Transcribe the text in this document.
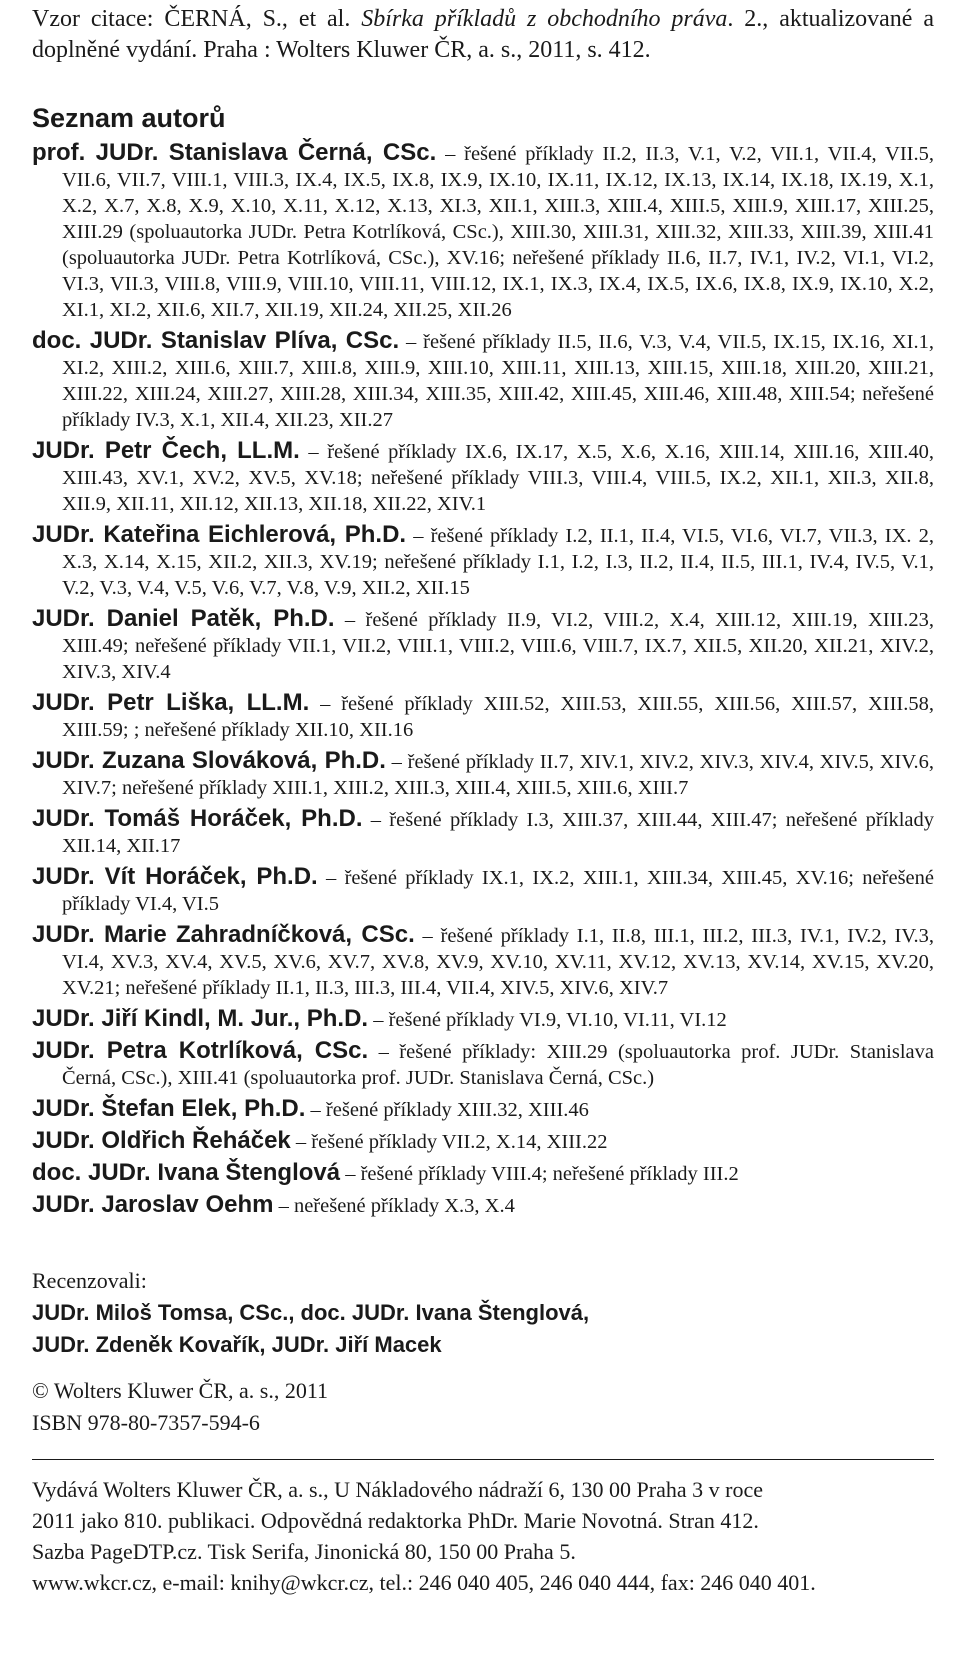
Vzor citace: ČERNÁ, S., et al. Sbírka příkladů z obchodního práva. 2., aktualizované a doplněné vydání. Praha : Wolters Kluwer ČR, a. s., 2011, s. 412.

Seznam autorů

prof. JUDr. Stanislava Černá, CSc. – řešené příklady II.2, II.3, V.1, V.2, VII.1, VII.4, VII.5, VII.6, VII.7, VIII.1, VIII.3, IX.4, IX.5, IX.8, IX.9, IX.10, IX.11, IX.12, IX.13, IX.14, IX.18, IX.19, X.1, X.2, X.7, X.8, X.9, X.10, X.11, X.12, X.13, XI.3, XII.1, XIII.3, XIII.4, XIII.5, XIII.9, XIII.17, XIII.25, XIII.29 (spoluautorka JUDr. Petra Kotrlíková, CSc.), XIII.30, XIII.31, XIII.32, XIII.33, XIII.39, XIII.41 (spoluautorka JUDr. Petra Kotrlíková, CSc.), XV.16; neřešené příklady II.6, II.7, IV.1, IV.2, VI.1, VI.2, VI.3, VII.3, VIII.8, VIII.9, VIII.10, VIII.11, VIII.12, IX.1, IX.3, IX.4, IX.5, IX.6, IX.8, IX.9, IX.10, X.2, XI.1, XI.2, XII.6, XII.7, XII.19, XII.24, XII.25, XII.26

doc. JUDr. Stanislav Plíva, CSc. – řešené příklady II.5, II.6, V.3, V.4, VII.5, IX.15, IX.16, XI.1, XI.2, XIII.2, XIII.6, XIII.7, XIII.8, XIII.9, XIII.10, XIII.11, XIII.13, XIII.15, XIII.18, XIII.20, XIII.21, XIII.22, XIII.24, XIII.27, XIII.28, XIII.34, XIII.35, XIII.42, XIII.45, XIII.46, XIII.48, XIII.54; neřešené příklady IV.3, X.1, XII.4, XII.23, XII.27

JUDr. Petr Čech, LL.M. – řešené příklady IX.6, IX.17, X.5, X.6, X.16, XIII.14, XIII.16, XIII.40, XIII.43, XV.1, XV.2, XV.5, XV.18; neřešené příklady VIII.3, VIII.4, VIII.5, IX.2, XII.1, XII.3, XII.8, XII.9, XII.11, XII.12, XII.13, XII.18, XII.22, XIV.1

JUDr. Kateřina Eichlerová, Ph.D. – řešené příklady I.2, II.1, II.4, VI.5, VI.6, VI.7, VII.3, IX. 2, X.3, X.14, X.15, XII.2, XII.3, XV.19; neřešené příklady I.1, I.2, I.3, II.2, II.4, II.5, III.1, IV.4, IV.5, V.1, V.2, V.3, V.4, V.5, V.6, V.7, V.8, V.9, XII.2, XII.15

JUDr. Daniel Patěk, Ph.D. – řešené příklady II.9, VI.2, VIII.2, X.4, XIII.12, XIII.19, XIII.23, XIII.49; neřešené příklady VII.1, VII.2, VIII.1, VIII.2, VIII.6, VIII.7, IX.7, XII.5, XII.20, XII.21, XIV.2, XIV.3, XIV.4

JUDr. Petr Liška, LL.M. – řešené příklady XIII.52, XIII.53, XIII.55, XIII.56, XIII.57, XIII.58, XIII.59; ; neřešené příklady XII.10, XII.16

JUDr. Zuzana Slováková, Ph.D. – řešené příklady II.7, XIV.1, XIV.2, XIV.3, XIV.4, XIV.5, XIV.6, XIV.7; neřešené příklady XIII.1, XIII.2, XIII.3, XIII.4, XIII.5, XIII.6, XIII.7

JUDr. Tomáš Horáček, Ph.D. – řešené příklady I.3, XIII.37, XIII.44, XIII.47; neřešené příklady XII.14, XII.17

JUDr. Vít Horáček, Ph.D. – řešené příklady IX.1, IX.2, XIII.1, XIII.34, XIII.45, XV.16; neřešené příklady VI.4, VI.5

JUDr. Marie Zahradníčková, CSc. – řešené příklady I.1, II.8, III.1, III.2, III.3, IV.1, IV.2, IV.3, VI.4, XV.3, XV.4, XV.5, XV.6, XV.7, XV.8, XV.9, XV.10, XV.11, XV.12, XV.13, XV.14, XV.15, XV.20, XV.21; neřešené příklady II.1, II.3, III.3, III.4, VII.4, XIV.5, XIV.6, XIV.7

JUDr. Jiří Kindl, M. Jur., Ph.D. – řešené příklady VI.9, VI.10, VI.11, VI.12

JUDr. Petra Kotrlíková, CSc. – řešené příklady: XIII.29 (spoluautorka prof. JUDr. Stanislava Černá, CSc.), XIII.41 (spoluautorka prof. JUDr. Stanislava Černá, CSc.)

JUDr. Štefan Elek, Ph.D. – řešené příklady XIII.32, XIII.46

JUDr. Oldřich Řeháček – řešené příklady VII.2, X.14, XIII.22

doc. JUDr. Ivana Štenglová – řešené příklady VIII.4; neřešené příklady III.2

JUDr. Jaroslav Oehm – neřešené příklady X.3, X.4

Recenzovali:
JUDr. Miloš Tomsa, CSc., doc. JUDr. Ivana Štenglová,
JUDr. Zdeněk Kovařík, JUDr. Jiří Macek
© Wolters Kluwer ČR, a. s., 2011
ISBN 978-80-7357-594-6
Vydává Wolters Kluwer ČR, a. s., U Nákladového nádraží 6, 130 00 Praha 3 v roce
2011 jako 810. publikaci. Odpovědná redaktorka PhDr. Marie Novotná. Stran 412.
Sazba PageDTP.cz. Tisk Serifa, Jinonická 80, 150 00 Praha 5.
www.wkcr.cz, e-mail: knihy@wkcr.cz, tel.: 246 040 405, 246 040 444, fax: 246 040 401.
